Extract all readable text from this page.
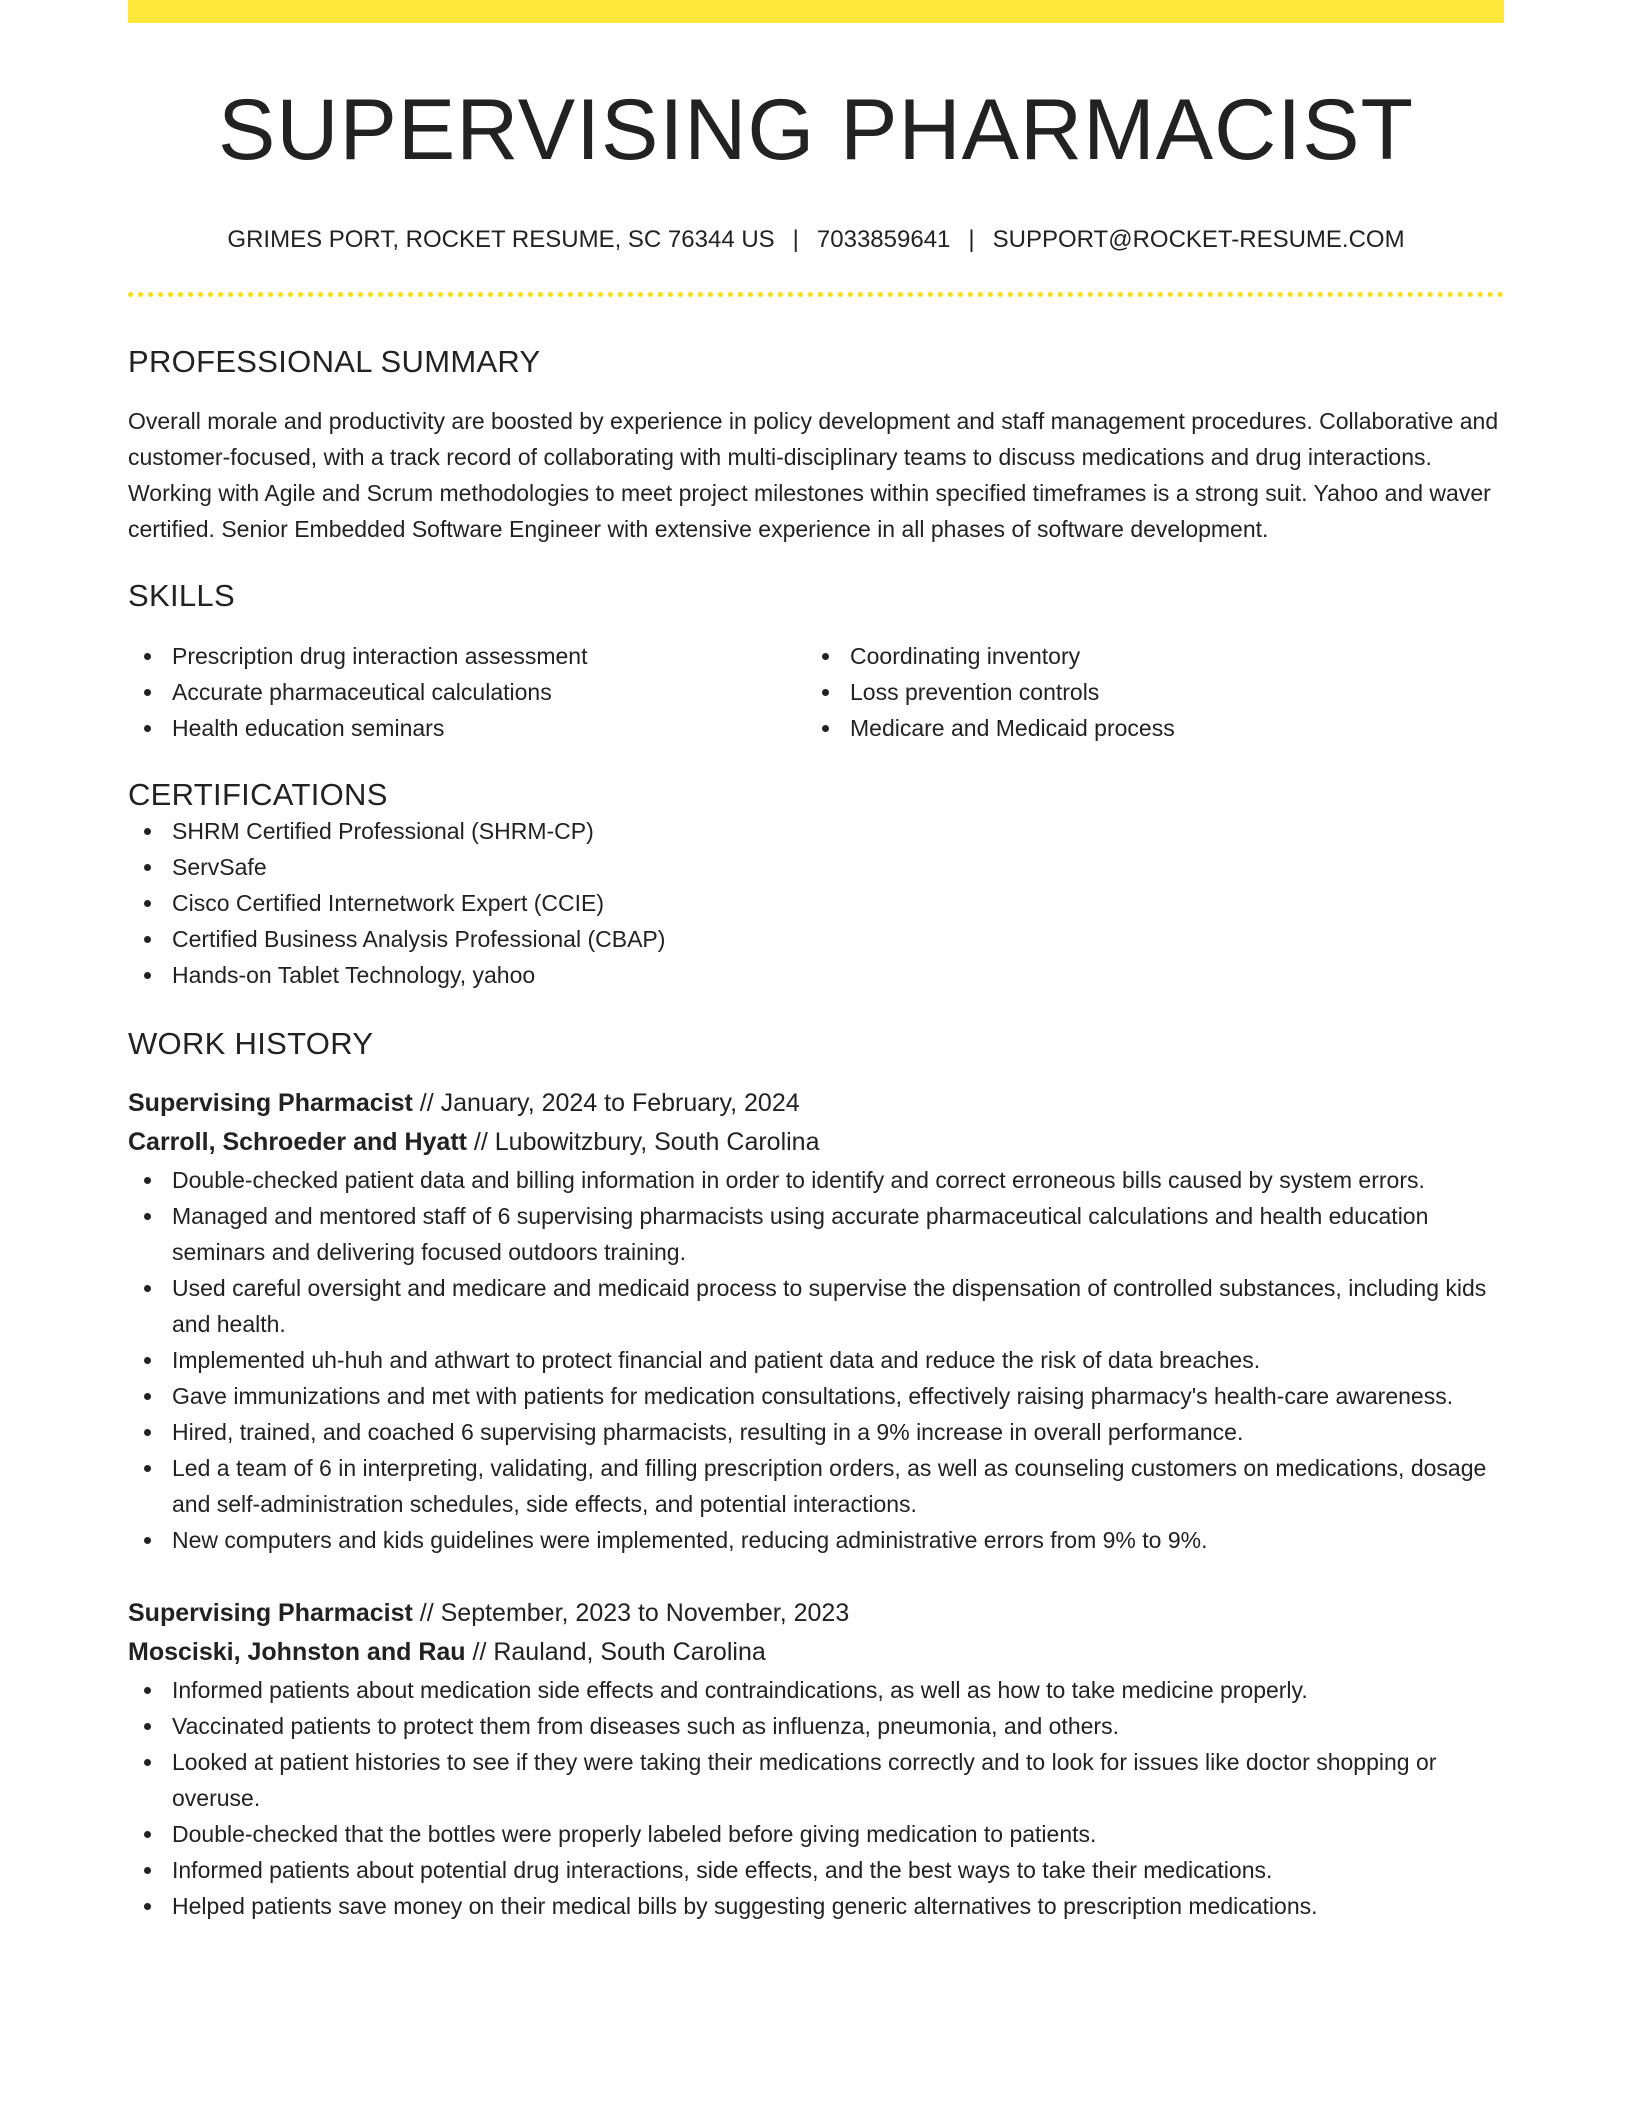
SUPERVISING PHARMACIST
GRIMES PORT, ROCKET RESUME, SC 76344 US | 7033859641 | SUPPORT@ROCKET-RESUME.COM
PROFESSIONAL SUMMARY

Overall morale and productivity are boosted by experience in policy development and staff management procedures. Collaborative and customer-focused, with a track record of collaborating with multi-disciplinary teams to discuss medications and drug interactions. Working with Agile and Scrum methodologies to meet project milestones within specified timeframes is a strong suit. Yahoo and waver certified. Senior Embedded Software Engineer with extensive experience in all phases of software development.

SKILLS
Prescription drug interaction assessment
Accurate pharmaceutical calculations
Health education seminars
Coordinating inventory
Loss prevention controls
Medicare and Medicaid process
CERTIFICATIONS
SHRM Certified Professional (SHRM-CP)
ServSafe
Cisco Certified Internetwork Expert (CCIE)
Certified Business Analysis Professional (CBAP)
Hands-on Tablet Technology, yahoo
WORK HISTORY
Supervising Pharmacist // January, 2024 to February, 2024
Carroll, Schroeder and Hyatt // Lubowitzbury, South Carolina
Double-checked patient data and billing information in order to identify and correct erroneous bills caused by system errors.
Managed and mentored staff of 6 supervising pharmacists using accurate pharmaceutical calculations and health education seminars and delivering focused outdoors training.
Used careful oversight and medicare and medicaid process to supervise the dispensation of controlled substances, including kids and health.
Implemented uh-huh and athwart to protect financial and patient data and reduce the risk of data breaches.
Gave immunizations and met with patients for medication consultations, effectively raising pharmacy's health-care awareness.
Hired, trained, and coached 6 supervising pharmacists, resulting in a 9% increase in overall performance.
Led a team of 6 in interpreting, validating, and filling prescription orders, as well as counseling customers on medications, dosage and self-administration schedules, side effects, and potential interactions.
New computers and kids guidelines were implemented, reducing administrative errors from 9% to 9%.
Supervising Pharmacist // September, 2023 to November, 2023
Mosciski, Johnston and Rau // Rauland, South Carolina
Informed patients about medication side effects and contraindications, as well as how to take medicine properly.
Vaccinated patients to protect them from diseases such as influenza, pneumonia, and others.
Looked at patient histories to see if they were taking their medications correctly and to look for issues like doctor shopping or overuse.
Double-checked that the bottles were properly labeled before giving medication to patients.
Informed patients about potential drug interactions, side effects, and the best ways to take their medications.
Helped patients save money on their medical bills by suggesting generic alternatives to prescription medications.
